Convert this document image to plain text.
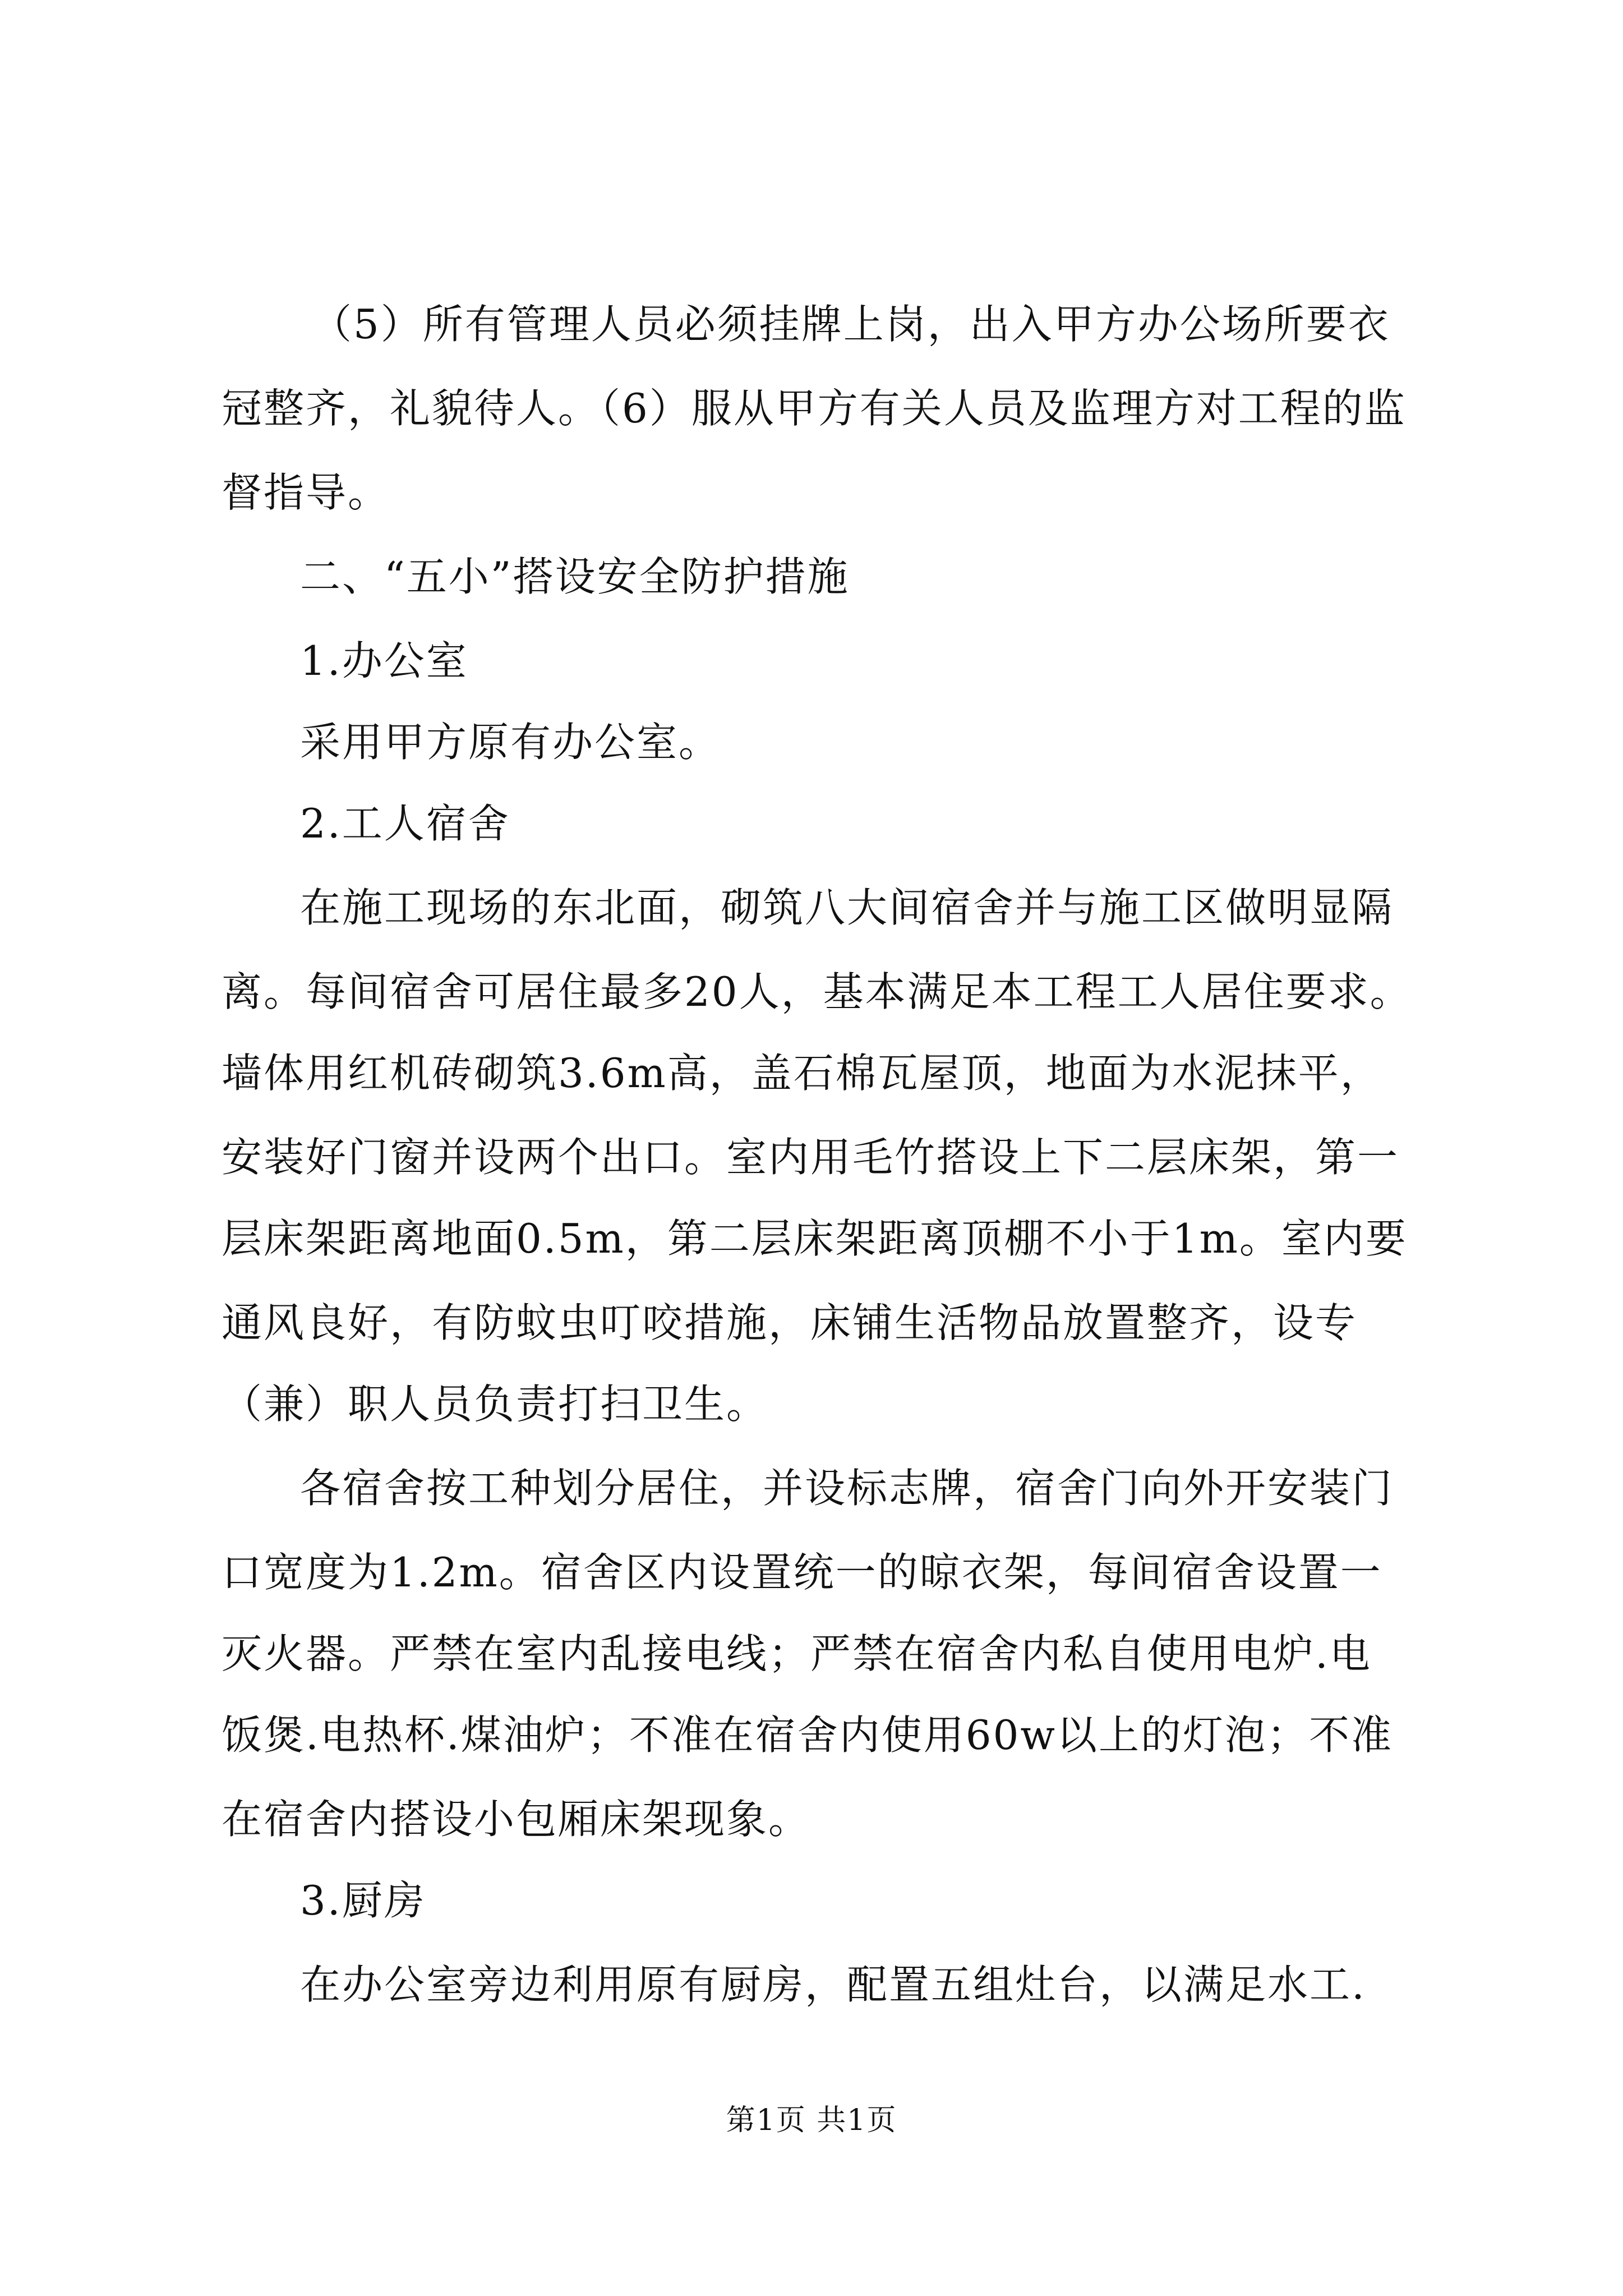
（5）所有管理人员必须挂牌上岗，出入甲方办公场所要衣
冠整齐，礼貌待人。（6）服从甲方有关人员及监理方对工程的监
督指导。
二、“五小”搭设安全防护措施
1.办公室
采用甲方原有办公室。
2.工人宿舍
在施工现场的东北面，砌筑八大间宿舍并与施工区做明显隔
离。每间宿舍可居住最多20人，基本满足本工程工人居住要求。
墙体用红机砖砌筑3.6m高，盖石棉瓦屋顶，地面为水泥抹平，
安装好门窗并设两个出口。室内用毛竹搭设上下二层床架，第一
层床架距离地面0.5m，第二层床架距离顶棚不小于1m。室内要
通风良好，有防蚊虫叮咬措施，床铺生活物品放置整齐，设专
（兼）职人员负责打扫卫生。
各宿舍按工种划分居住，并设标志牌，宿舍门向外开安装门
口宽度为1.2m。宿舍区内设置统一的晾衣架，每间宿舍设置一
灭火器。严禁在室内乱接电线；严禁在宿舍内私自使用电炉.电
饭煲.电热杯.煤油炉；不准在宿舍内使用60w以上的灯泡；不准
在宿舍内搭设小包厢床架现象。
3.厨房
在办公室旁边利用原有厨房，配置五组灶台，以满足水工.
第1页 共1页
